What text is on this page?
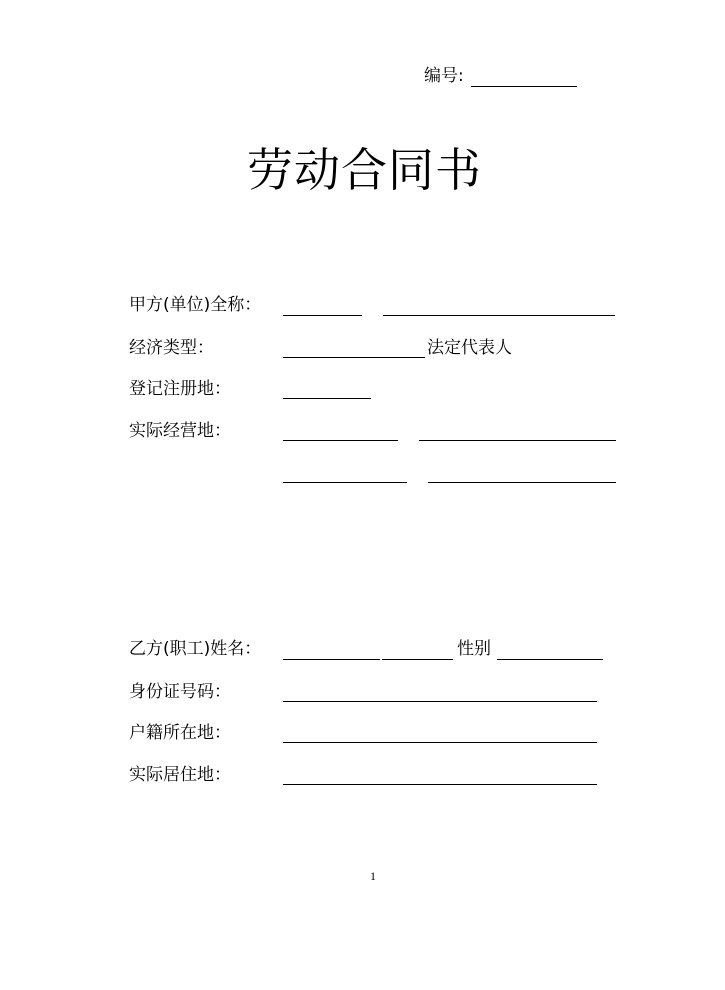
编号:
劳动合同书
甲方(单位)全称：
经济类型：	法定代表人
登记注册地：
实际经营地：
乙方(职工)姓名：	性别
身份证号码：
户籍所在地：
实际居住地：
1
